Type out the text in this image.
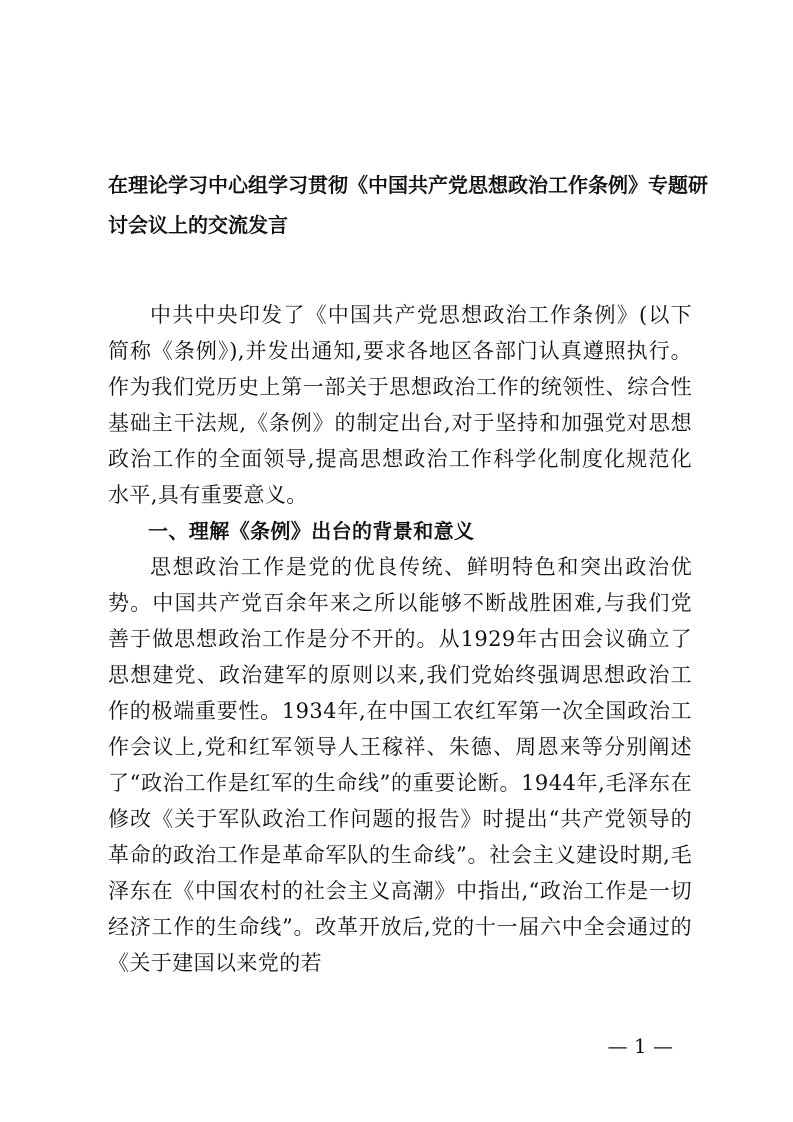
在理论学习中心组学习贯彻《中国共产党思想政治工作条例》专题研讨会议上的交流发言

中共中央印发了《中国共产党思想政治工作条例》(以下简称《条例》),并发出通知,要求各地区各部门认真遵照执行。作为我们党历史上第一部关于思想政治工作的统领性、综合性基础主干法规,《条例》的制定出台,对于坚持和加强党对思想政治工作的全面领导,提高思想政治工作科学化制度化规范化水平,具有重要意义。

一、理解《条例》出台的背景和意义

思想政治工作是党的优良传统、鲜明特色和突出政治优势。中国共产党百余年来之所以能够不断战胜困难,与我们党善于做思想政治工作是分不开的。从1929年古田会议确立了思想建党、政治建军的原则以来,我们党始终强调思想政治工作的极端重要性。1934年,在中国工农红军第一次全国政治工作会议上,党和红军领导人王稼祥、朱德、周恩来等分别阐述了“政治工作是红军的生命线”的重要论断。1944年,毛泽东在修改《关于军队政治工作问题的报告》时提出“共产党领导的革命的政治工作是革命军队的生命线”。社会主义建设时期,毛泽东在《中国农村的社会主义高潮》中指出,“政治工作是一切经济工作的生命线”。改革开放后,党的十一届六中全会通过的《关于建国以来党的若

— 1 —
